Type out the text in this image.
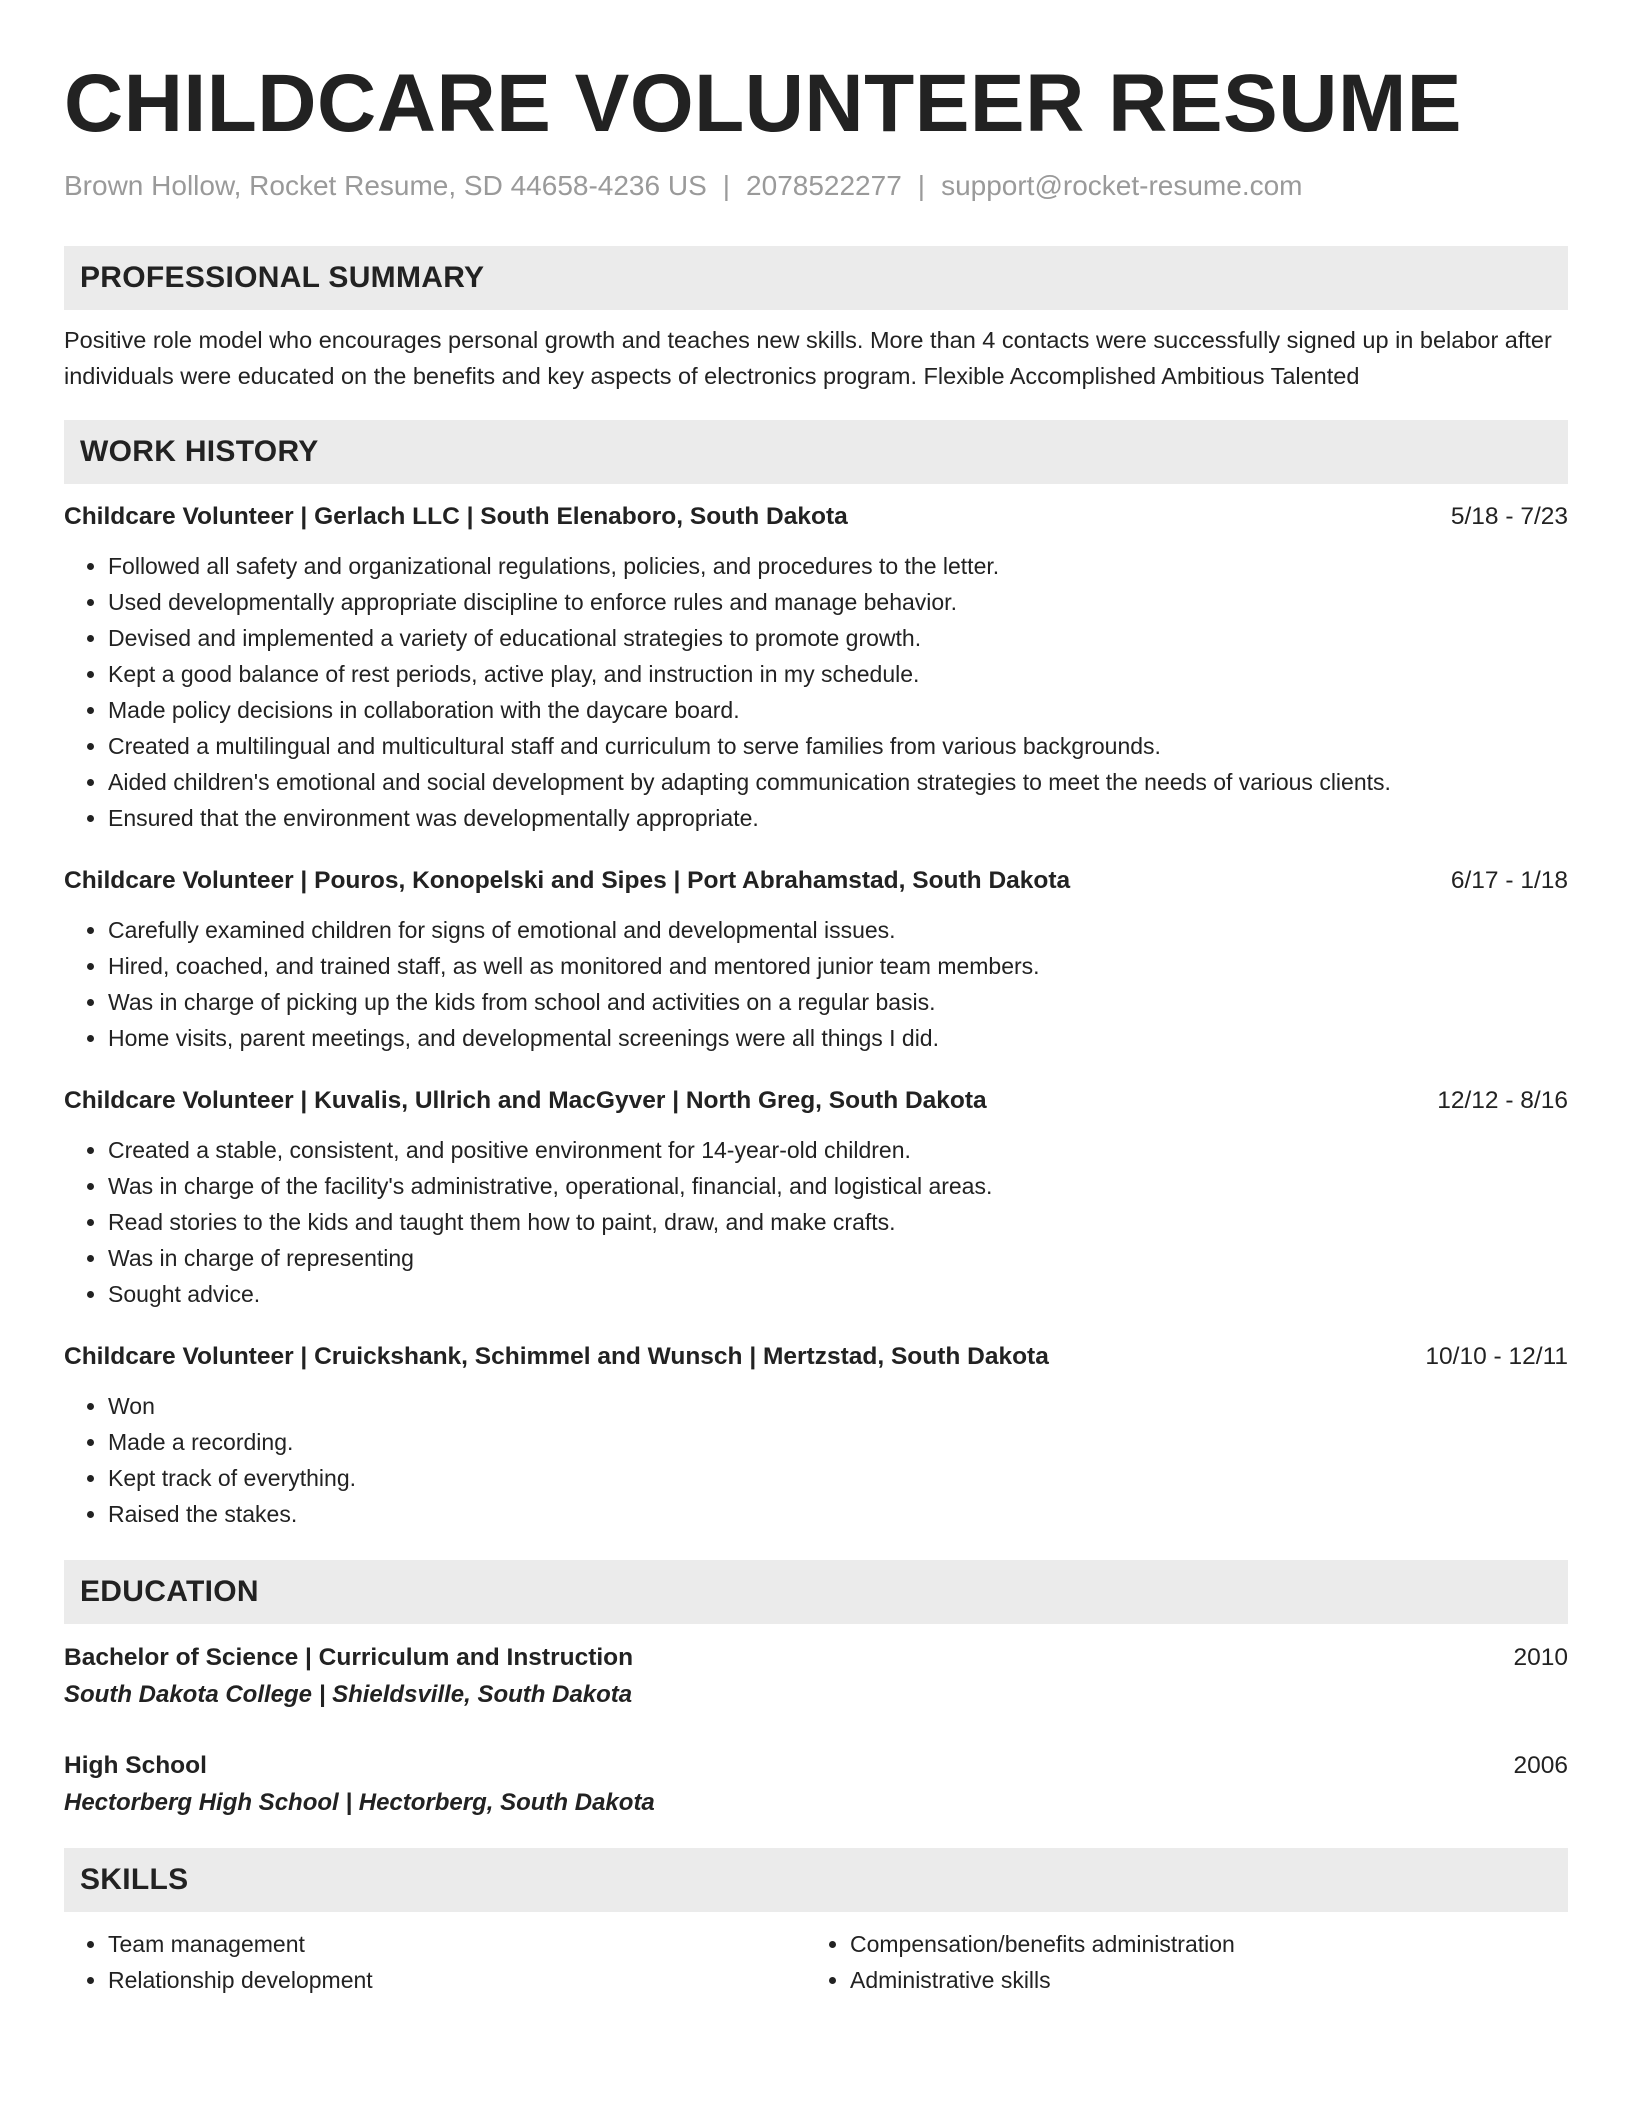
CHILDCARE VOLUNTEER RESUME
Brown Hollow, Rocket Resume, SD 44658-4236 US | 2078522277 | support@rocket-resume.com
PROFESSIONAL SUMMARY
Positive role model who encourages personal growth and teaches new skills. More than 4 contacts were successfully signed up in belabor after individuals were educated on the benefits and key aspects of electronics program. Flexible Accomplished Ambitious Talented
WORK HISTORY
Childcare Volunteer | Gerlach LLC | South Elenaboro, South Dakota	5/18 - 7/23
• Followed all safety and organizational regulations, policies, and procedures to the letter.
• Used developmentally appropriate discipline to enforce rules and manage behavior.
• Devised and implemented a variety of educational strategies to promote growth.
• Kept a good balance of rest periods, active play, and instruction in my schedule.
• Made policy decisions in collaboration with the daycare board.
• Created a multilingual and multicultural staff and curriculum to serve families from various backgrounds.
• Aided children's emotional and social development by adapting communication strategies to meet the needs of various clients.
• Ensured that the environment was developmentally appropriate.
Childcare Volunteer | Pouros, Konopelski and Sipes | Port Abrahamstad, South Dakota	6/17 - 1/18
• Carefully examined children for signs of emotional and developmental issues.
• Hired, coached, and trained staff, as well as monitored and mentored junior team members.
• Was in charge of picking up the kids from school and activities on a regular basis.
• Home visits, parent meetings, and developmental screenings were all things I did.
Childcare Volunteer | Kuvalis, Ullrich and MacGyver | North Greg, South Dakota	12/12 - 8/16
• Created a stable, consistent, and positive environment for 14-year-old children.
• Was in charge of the facility's administrative, operational, financial, and logistical areas.
• Read stories to the kids and taught them how to paint, draw, and make crafts.
• Was in charge of representing
• Sought advice.
Childcare Volunteer | Cruickshank, Schimmel and Wunsch | Mertzstad, South Dakota	10/10 - 12/11
• Won
• Made a recording.
• Kept track of everything.
• Raised the stakes.
EDUCATION
Bachelor of Science | Curriculum and Instruction	2010
South Dakota College | Shieldsville, South Dakota
High School	2006
Hectorberg High School | Hectorberg, South Dakota
SKILLS
• Team management
• Relationship development
• Compensation/benefits administration
• Administrative skills
